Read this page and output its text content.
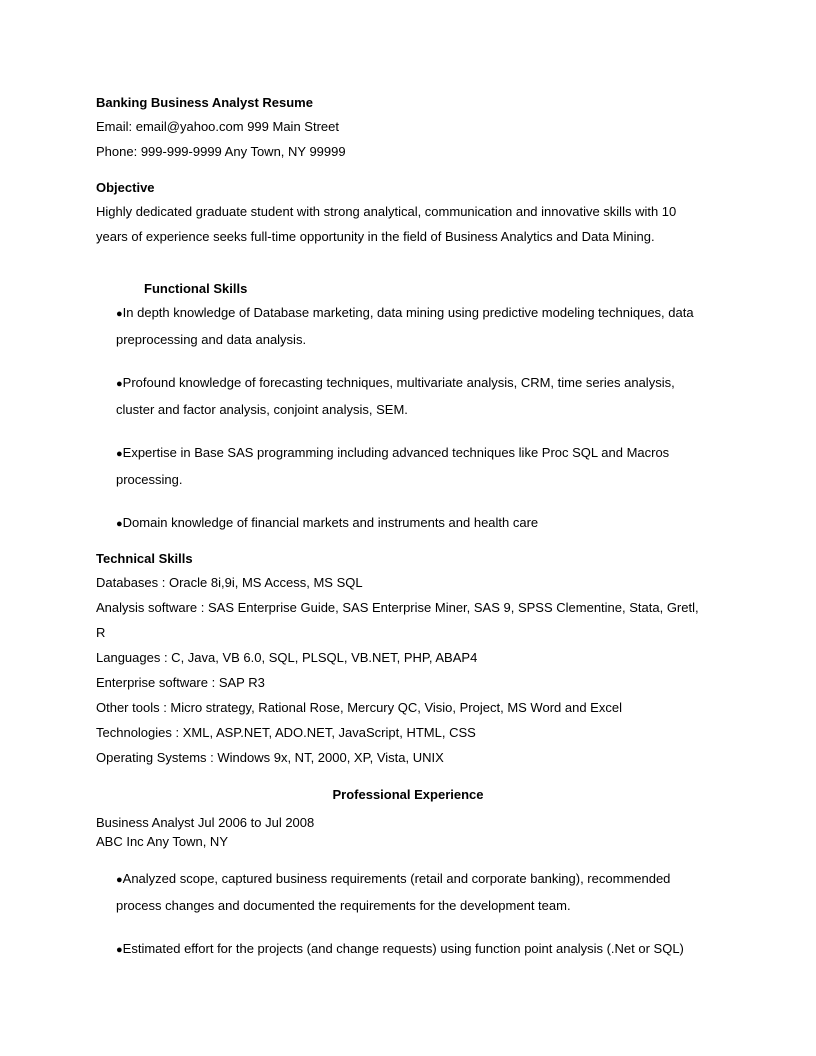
Banking Business Analyst Resume
Email: email@yahoo.com 999 Main Street
Phone: 999-999-9999 Any Town, NY 99999
Objective
Highly dedicated graduate student with strong analytical, communication and innovative skills with 10
years of experience seeks full-time opportunity in the field of Business Analytics and Data Mining.
Functional Skills
●In depth knowledge of Database marketing, data mining using predictive modeling techniques, data preprocessing and data analysis.
●Profound knowledge of forecasting techniques, multivariate analysis, CRM, time series analysis, cluster and factor analysis, conjoint analysis, SEM.
●Expertise in Base SAS programming including advanced techniques like Proc SQL and Macros processing.
●Domain knowledge of financial markets and instruments and health care
Technical Skills
Databases : Oracle 8i,9i, MS Access, MS SQL
Analysis software : SAS Enterprise Guide, SAS Enterprise Miner, SAS 9, SPSS Clementine, Stata, Gretl,
R
Languages : C, Java, VB 6.0, SQL, PLSQL, VB.NET, PHP, ABAP4
Enterprise software : SAP R3
Other tools : Micro strategy, Rational Rose, Mercury QC, Visio, Project, MS Word and Excel
Technologies : XML, ASP.NET, ADO.NET, JavaScript, HTML, CSS
Operating Systems : Windows 9x, NT, 2000, XP, Vista, UNIX
Professional Experience
Business Analyst Jul 2006 to Jul 2008
ABC Inc Any Town, NY
●Analyzed scope, captured business requirements (retail and corporate banking), recommended process changes and documented the requirements for the development team.
●Estimated effort for the projects (and change requests) using function point analysis (.Net or SQL)
